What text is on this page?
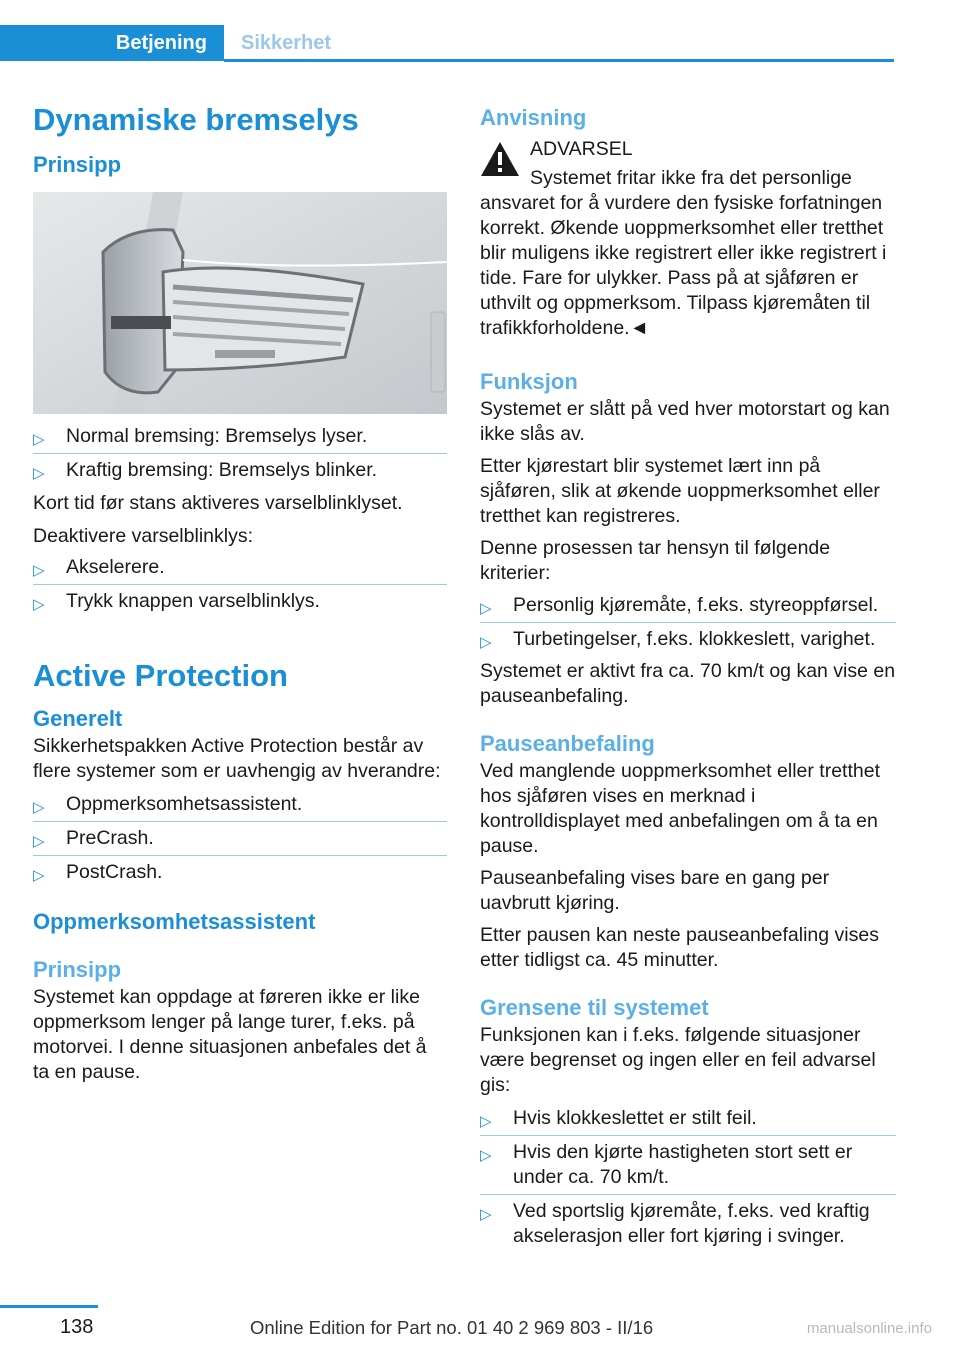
Betjening	Sikkerhet
Dynamiske bremselys
Prinsipp
▷ Normal bremsing: Bremselys lyser.
▷ Kraftig bremsing: Bremselys blinker.

Kort tid før stans aktiveres varselblinklyset.

Deaktivere varselblinklys:

▷ Akselerere.
▷ Trykk knappen varselblinklys.
Active Protection
Generelt

Sikkerhetspakken Active Protection består av flere systemer som er uavhengig av hverandre:

▷ Oppmerksomhetsassistent.
▷ PreCrash.
▷ PostCrash.
Oppmerksomhetsassistent
Prinsipp

Systemet kan oppdage at føreren ikke er like oppmerksom lenger på lange turer, f.eks. på motorvei. I denne situasjonen anbefales det å ta en pause.

Anvisning

ADVARSEL

Systemet fritar ikke fra det personlige ansvaret for å vurdere den fysiske forfatningen korrekt. Økende uoppmerksomhet eller tretthet blir muligens ikke registrert eller ikke registrert i tide. Fare for ulykker. Pass på at sjåføren er uthvilt og oppmerksom. Tilpass kjøremåten til trafikkforholdene.◄

Funksjon

Systemet er slått på ved hver motorstart og kan ikke slås av.

Etter kjørestart blir systemet lært inn på sjåføren, slik at økende uoppmerksomhet eller tretthet kan registreres.

Denne prosessen tar hensyn til følgende kriterier:

▷ Personlig kjøremåte, f.eks. styreoppførsel.
▷ Turbetingelser, f.eks. klokkeslett, varighet.

Systemet er aktivt fra ca. 70 km/t og kan vise en pauseanbefaling.

Pauseanbefaling

Ved manglende uoppmerksomhet eller tretthet hos sjåføren vises en merknad i kontrolldisplayet med anbefalingen om å ta en pause.

Pauseanbefaling vises bare en gang per uavbrutt kjøring.

Etter pausen kan neste pauseanbefaling vises etter tidligst ca. 45 minutter.

Grensene til systemet

Funksjonen kan i f.eks. følgende situasjoner være begrenset og ingen eller en feil advarsel gis:

▷ Hvis klokkeslettet er stilt feil.
▷ Hvis den kjørte hastigheten stort sett er under ca. 70 km/t.
▷ Ved sportslig kjøremåte, f.eks. ved kraftig akselerasjon eller fort kjøring i svinger.
138	Online Edition for Part no. 01 40 2 969 803 - II/16	manualsonline.info
